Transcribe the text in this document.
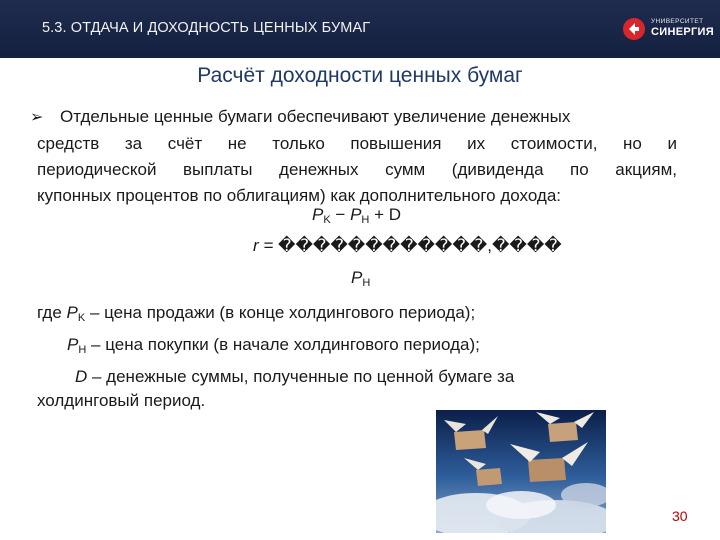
5.3. ОТДАЧА И ДОХОДНОСТЬ ЦЕННЫХ БУМАГ	УНИВЕРСИТЕТ
СИНЕРГИЯ
Расчёт доходности ценных бумаг
➢ Отдельные ценные бумаги обеспечивают увеличение денежных
средств за счёт не только повышения их стоимости, но и
периодической выплаты денежных сумм (дивиденда по акциям,
купонных процентов по облигациям) как дополнительного дохода:
PK − PH + D
r = ������������,����
PH
где PK – цена продажи (в конце холдингового периода);
PH – цена покупки (в начале холдингового периода);
D – денежные суммы, полученные по ценной бумаге за
холдинговый период.
30
